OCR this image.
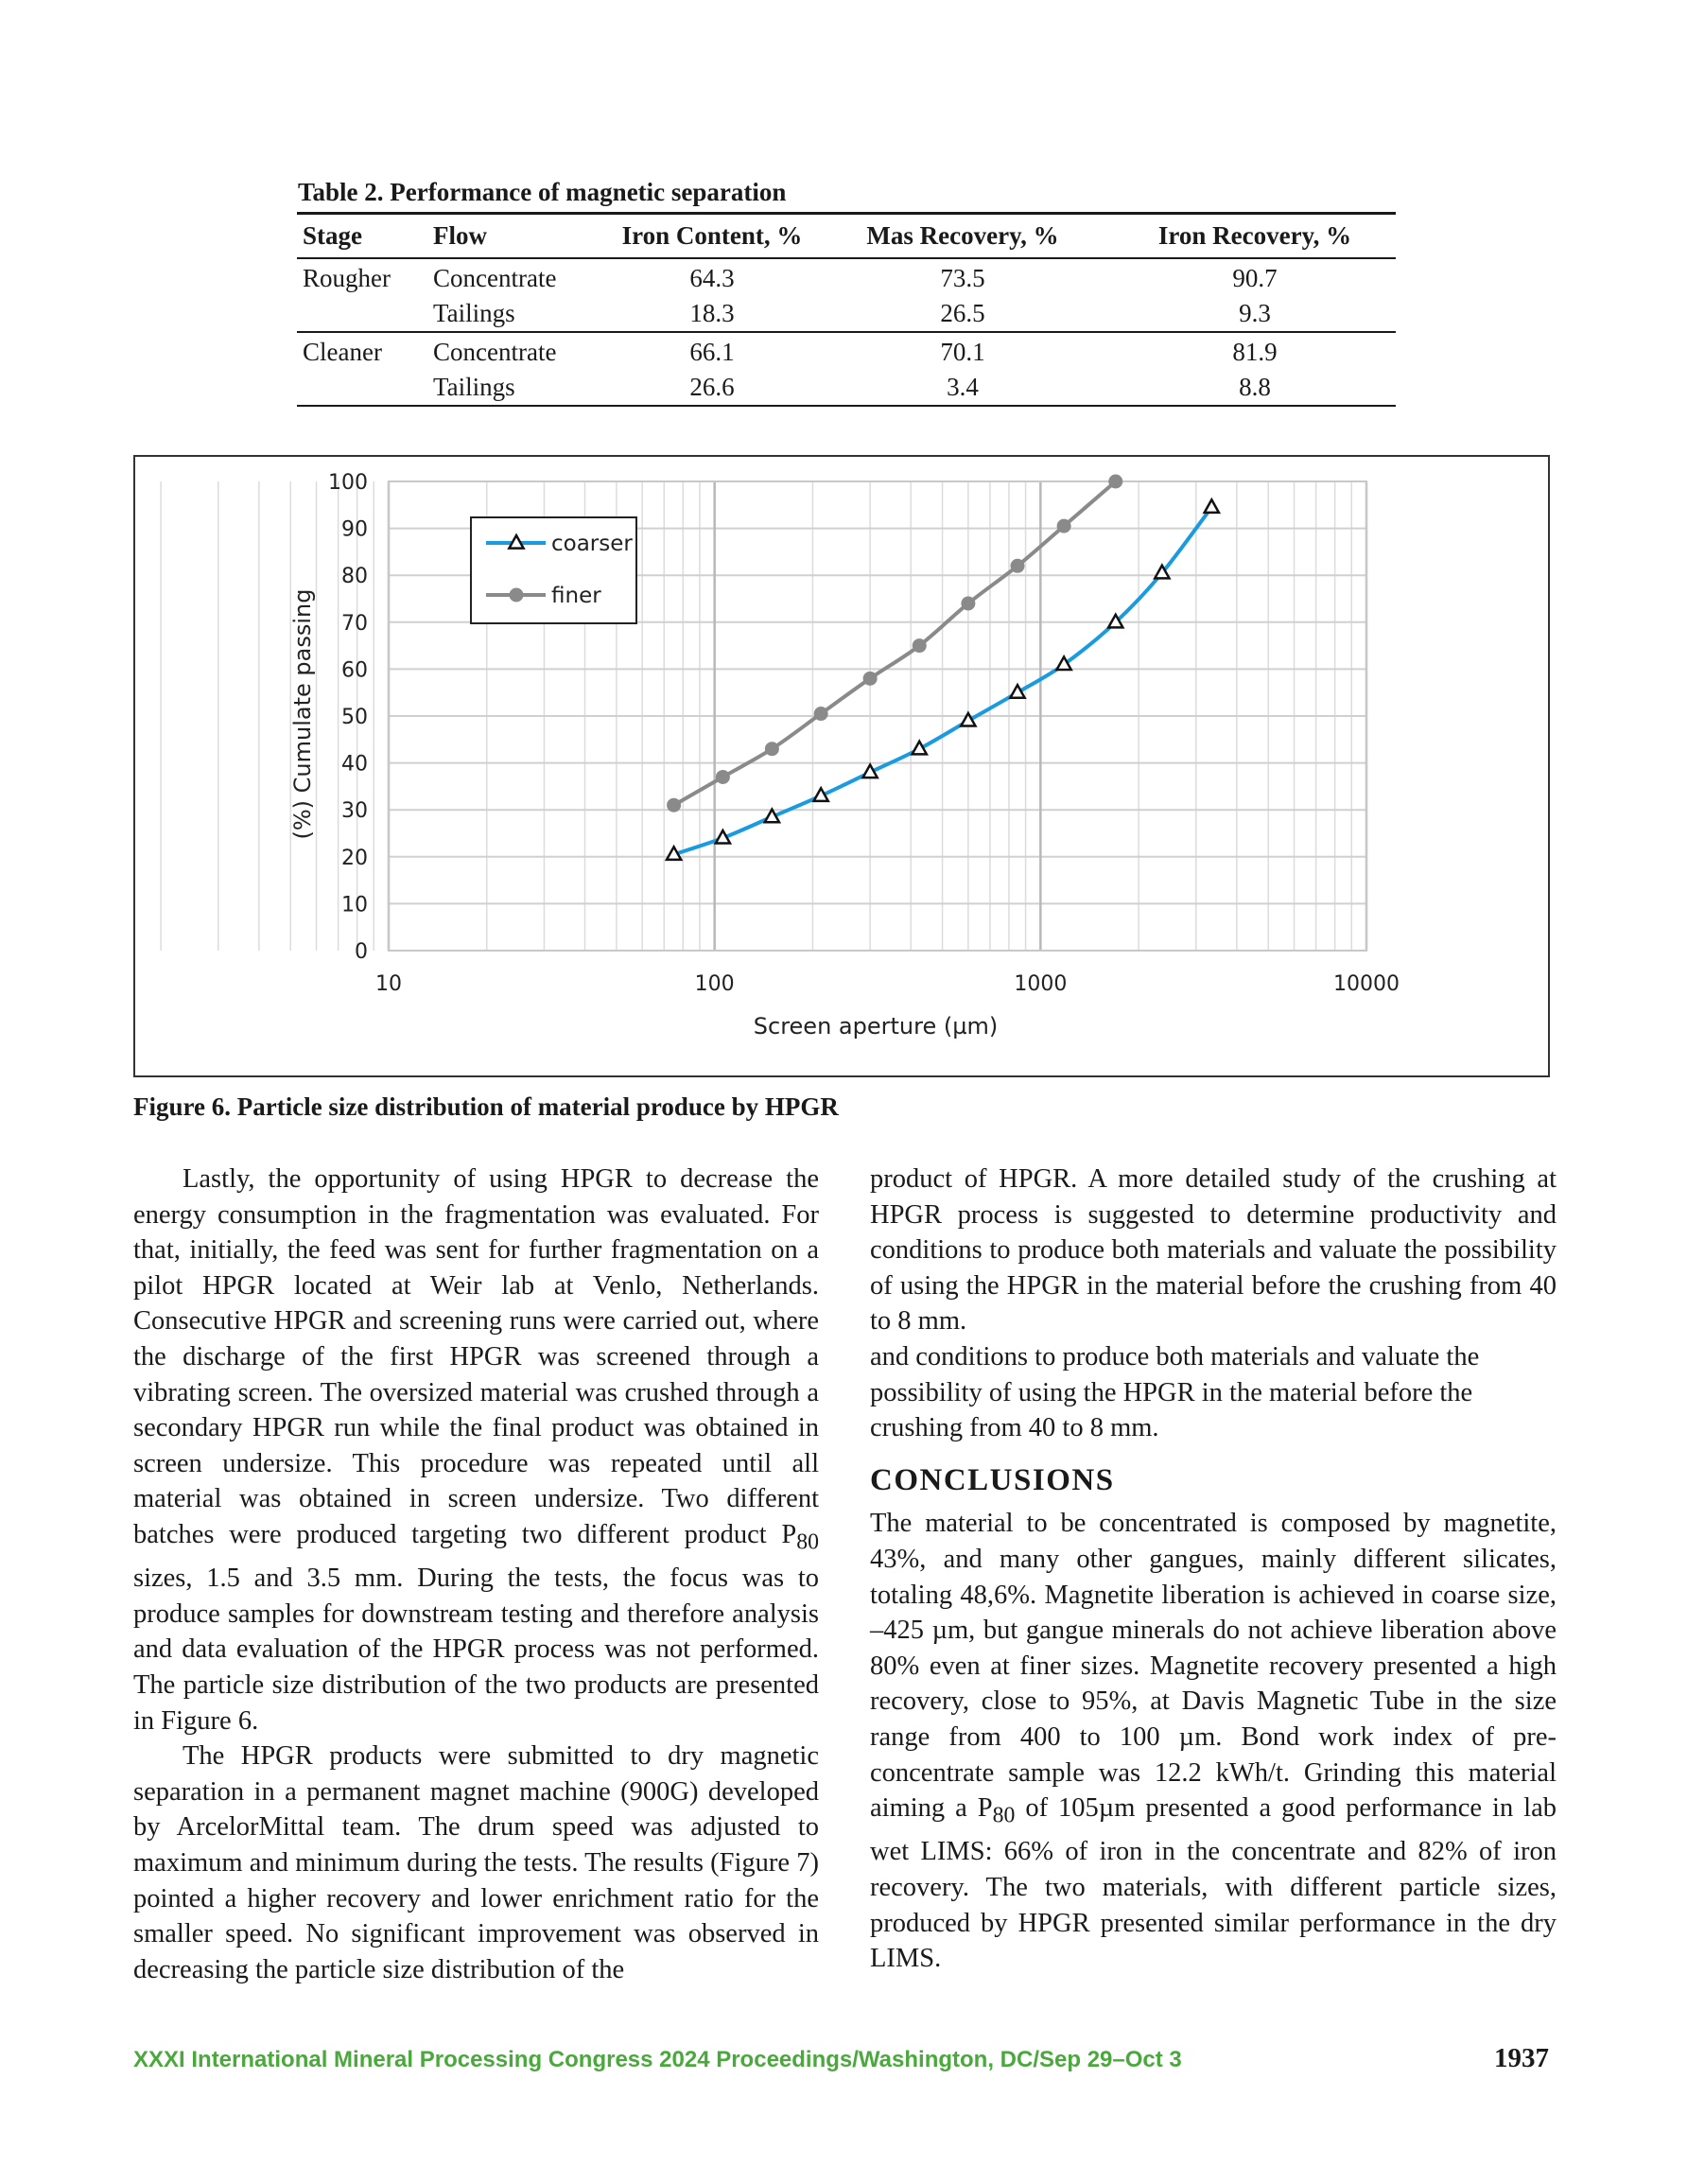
Table 2. Performance of magnetic separation
Stage	Flow	Iron Content, %	Mas Recovery, %	Iron Recovery, %
Rougher	Concentrate	64.3	73.5	90.7
	Tailings	18.3	26.5	9.3
Cleaner	Concentrate	66.1	70.1	81.9
	Tailings	26.6	3.4	8.8
0
10
20
30
40
50
60
70
80
90
100
10	100	1000	10000
Screen aperture (µm)
(%) Cumulate passing
coarser
finer
Figure 6. Particle size distribution of material produce by HPGR

Lastly, the opportunity of using HPGR to decrease the energy consumption in the fragmentation was evaluated. For that, initially, the feed was sent for further fragmentation on a pilot HPGR located at Weir lab at Venlo, Netherlands. Consecutive HPGR and screening runs were carried out, where the discharge of the first HPGR was screened through a vibrating screen. The oversized material was crushed through a secondary HPGR run while the final product was obtained in screen undersize. This procedure was repeated until all material was obtained in screen undersize. Two different batches were produced targeting two different product $P_{80}$ sizes, 1.5 and 3.5 mm. During the tests, the focus was to produce samples for downstream testing and therefore analysis and data evaluation of the HPGR process was not performed. The particle size distribution of the two products are presented in Figure 6.

The HPGR products were submitted to dry magnetic separation in a permanent magnet machine (900G) developed by ArcelorMittal team. The drum speed was adjusted to maximum and minimum during the tests. The results (Figure 7) pointed a higher recovery and lower enrichment ratio for the smaller speed. No significant improvement was observed in decreasing the particle size distribution of the

product of HPGR. A more detailed study of the crushing at HPGR process is suggested to determine productivity and conditions to produce both materials and valuate the possibility of using the HPGR in the material before the crushing from 40 to 8 mm.

and conditions to produce both materials and valuate the possibility of using the HPGR in the material before the crushing from 40 to 8 mm.

CONCLUSIONS

The material to be concentrated is composed by magnetite, 43%, and many other gangues, mainly different silicates, totaling 48,6%. Magnetite liberation is achieved in coarse size, –425 µm, but gangue minerals do not achieve liberation above 80% even at finer sizes. Magnetite recovery presented a high recovery, close to 95%, at Davis Magnetic Tube in the size range from 400 to 100 µm. Bond work index of pre-concentrate sample was 12.2 kWh/t. Grinding this material aiming a $P_{80}$ of 105µm presented a good performance in lab wet LIMS: 66% of iron in the concentrate and 82% of iron recovery. The two materials, with different particle sizes, produced by HPGR presented similar performance in the dry LIMS.

XXXI International Mineral Processing Congress 2024 Proceedings/Washington, DC/Sep 29–Oct 3	1937
